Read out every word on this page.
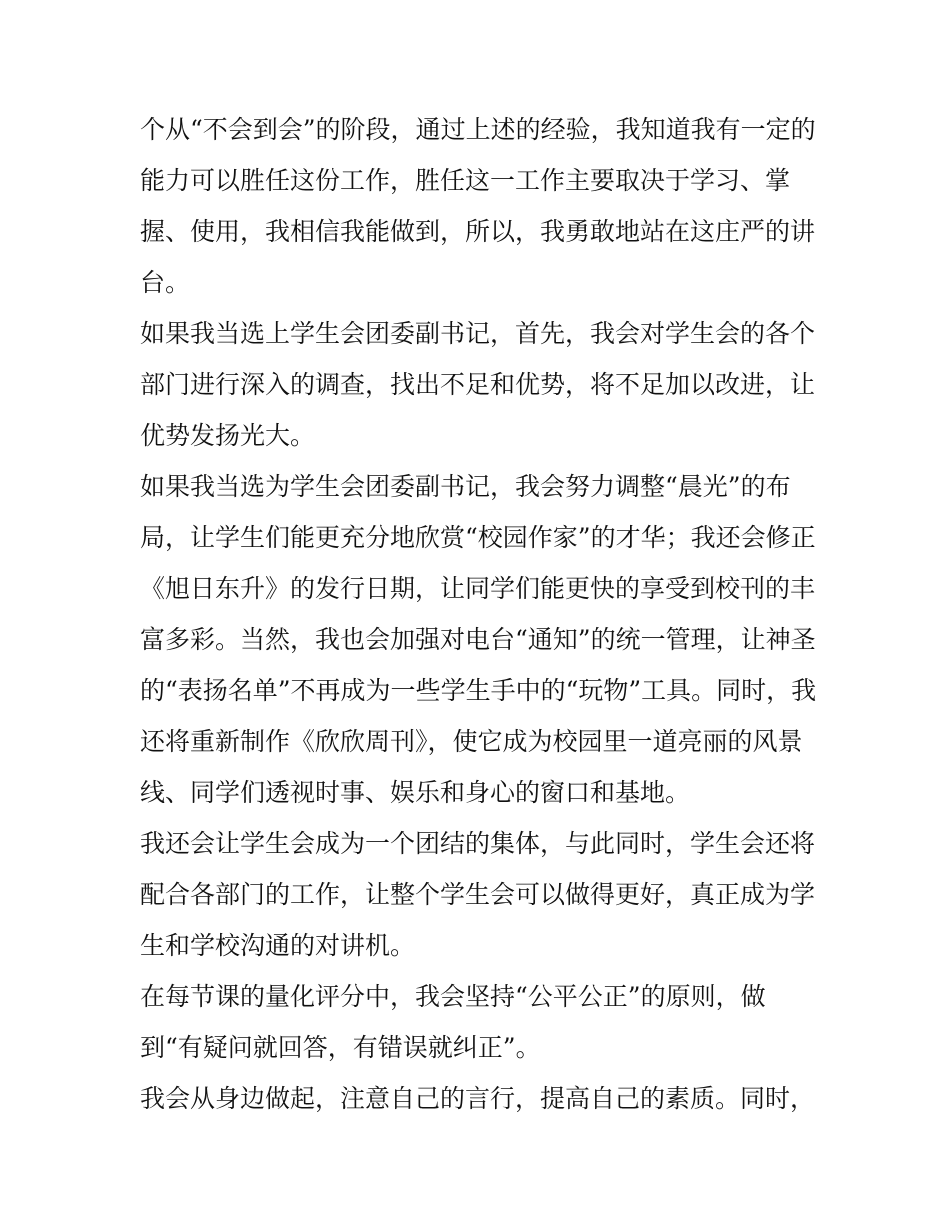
个从“不会到会”的阶段，通过上述的经验，我知道我有一定的
能力可以胜任这份工作，胜任这一工作主要取决于学习、掌
握、使用，我相信我能做到，所以，我勇敢地站在这庄严的讲
台。
如果我当选上学生会团委副书记，首先，我会对学生会的各个
部门进行深入的调查，找出不足和优势，将不足加以改进，让
优势发扬光大。
如果我当选为学生会团委副书记，我会努力调整“晨光”的布
局，让学生们能更充分地欣赏“校园作家”的才华；我还会修正
《旭日东升》的发行日期，让同学们能更快的享受到校刊的丰
富多彩。当然，我也会加强对电台“通知”的统一管理，让神圣
的“表扬名单”不再成为一些学生手中的“玩物”工具。同时，我
还将重新制作《欣欣周刊》，使它成为校园里一道亮丽的风景
线、同学们透视时事、娱乐和身心的窗口和基地。
我还会让学生会成为一个团结的集体，与此同时，学生会还将
配合各部门的工作，让整个学生会可以做得更好，真正成为学
生和学校沟通的对讲机。
在每节课的量化评分中，我会坚持“公平公正”的原则，做
到“有疑问就回答，有错误就纠正”。
我会从身边做起，注意自己的言行，提高自己的素质。同时，
